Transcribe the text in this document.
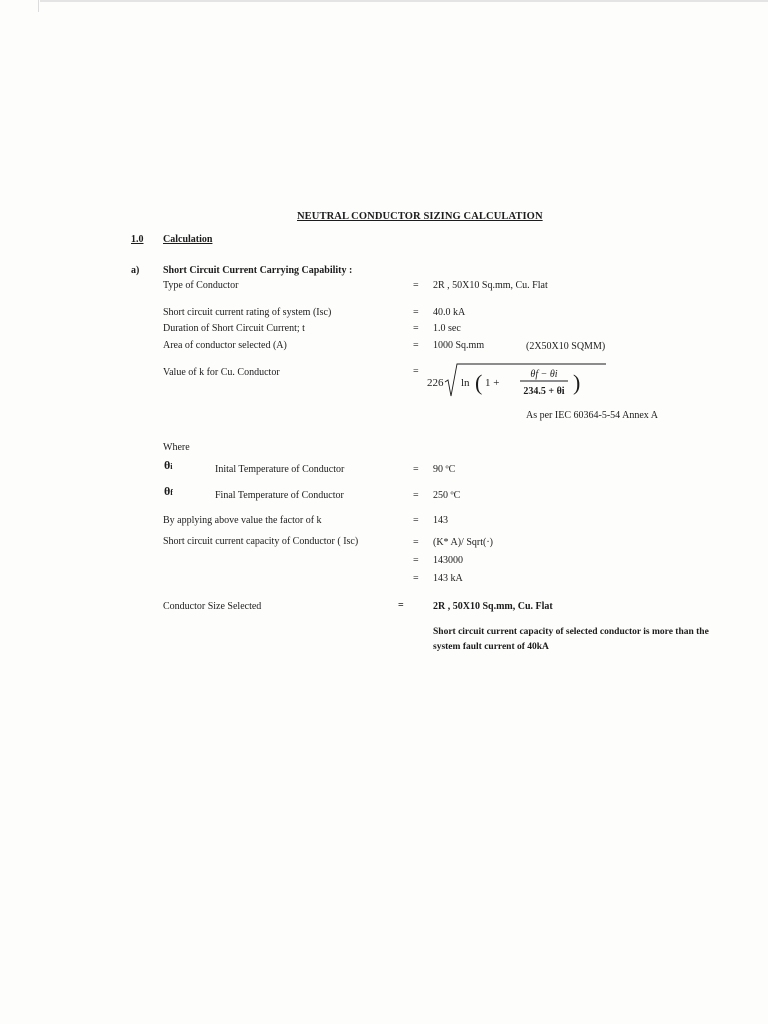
NEUTRAL CONDUCTOR SIZING CALCULATION
1.0 Calculation
a) Short Circuit Current Carrying Capability :
Type of Conductor	= 2R , 50X10 Sq.mm, Cu. Flat
Short circuit current rating of system (Isc)	= 40.0 kA
Duration of Short Circuit Current; t	= 1.0 sec
Area of conductor selected (A)	= 1000 Sq.mm	(2X50X10 SQMM)
Value of k for Cu. Conductor	=
226 ln ( 1 +
θf − θi
234.5 + θi )
As per IEC 60364-5-54 Annex A
Where
θi	Inital Temperature of Conductor	= 90 ºC
θf	Final Temperature of Conductor	= 250 ºC
By applying above value the factor of k	= 143
Short circuit current capacity of Conductor ( Isc)	= (K* A)/ Sqrt(·)
= 143000
= 143 kA
Conductor Size Selected	=	2R , 50X10 Sq.mm, Cu. Flat
Short circuit current capacity of selected conductor is more than the system fault current of 40kA
